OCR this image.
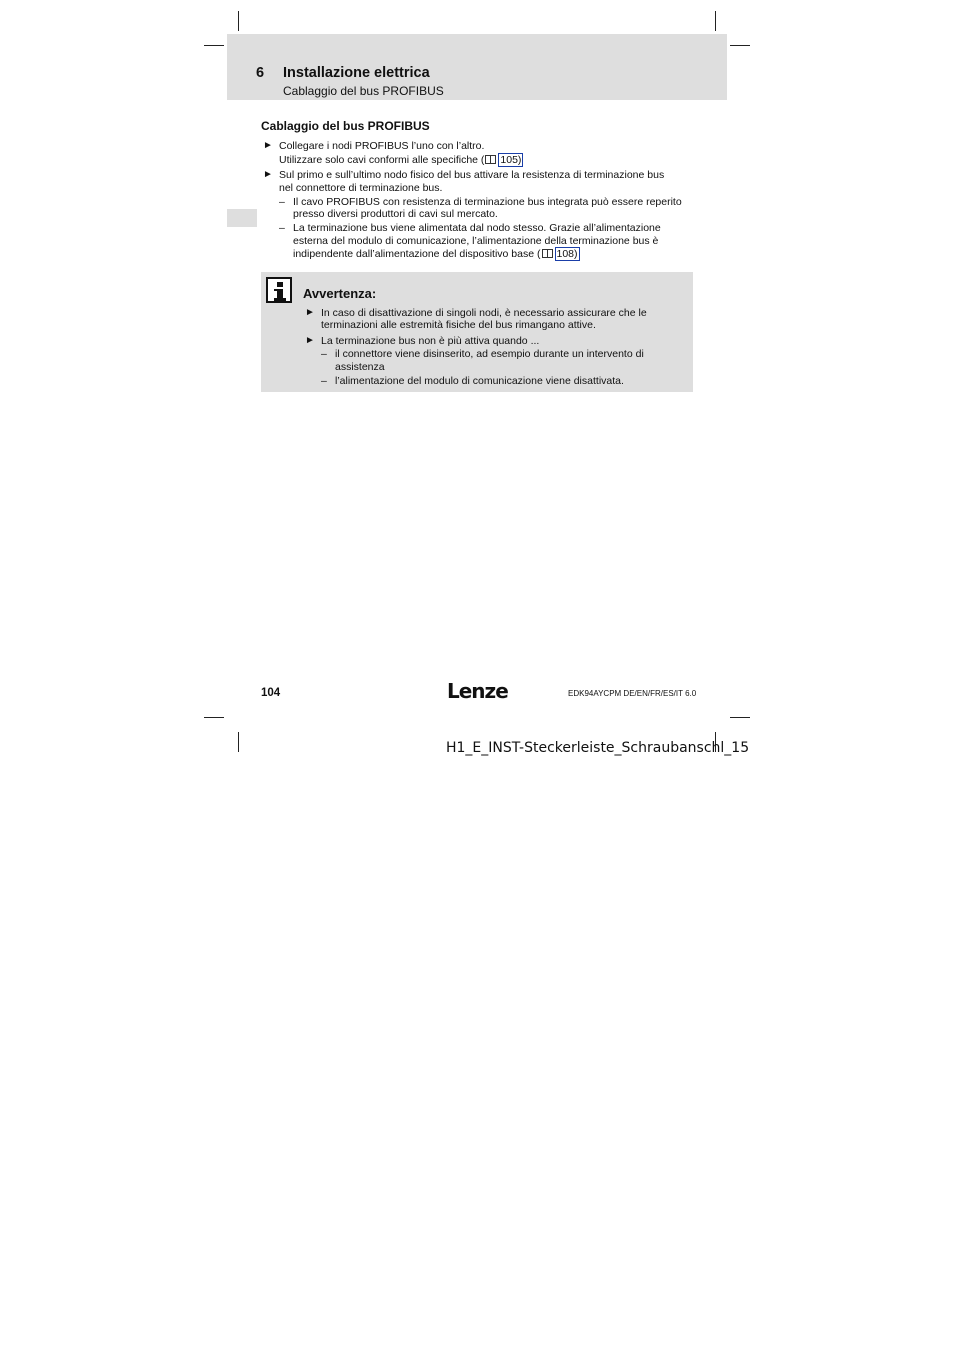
6 Installazione elettrica
Cablaggio del bus PROFIBUS
Cablaggio del bus PROFIBUS
► Collegare i nodi PROFIBUS l’uno con l’altro.
Utilizzare solo cavi conformi alle specifiche ( 105)
► Sul primo e sull’ultimo nodo fisico del bus attivare la resistenza di terminazione bus
nel connettore di terminazione bus.
– Il cavo PROFIBUS con resistenza di terminazione bus integrata può essere reperito
presso diversi produttori di cavi sul mercato.
– La terminazione bus viene alimentata dal nodo stesso. Grazie all’alimentazione
esterna del modulo di comunicazione, l’alimentazione della terminazione bus è
indipendente dall’alimentazione del dispositivo base ( 108)
Avvertenza:
► In caso di disattivazione di singoli nodi, è necessario assicurare che le
terminazioni alle estremità fisiche del bus rimangano attive.
► La terminazione bus non è più attiva quando ...
– il connettore viene disinserito, ad esempio durante un intervento di
assistenza
– l’alimentazione del modulo di comunicazione viene disattivata.
104	Lenze	EDK94AYCPM DE/EN/FR/ES/IT 6.0
H1_E_INST-Steckerleiste_Schraubanschl_15
